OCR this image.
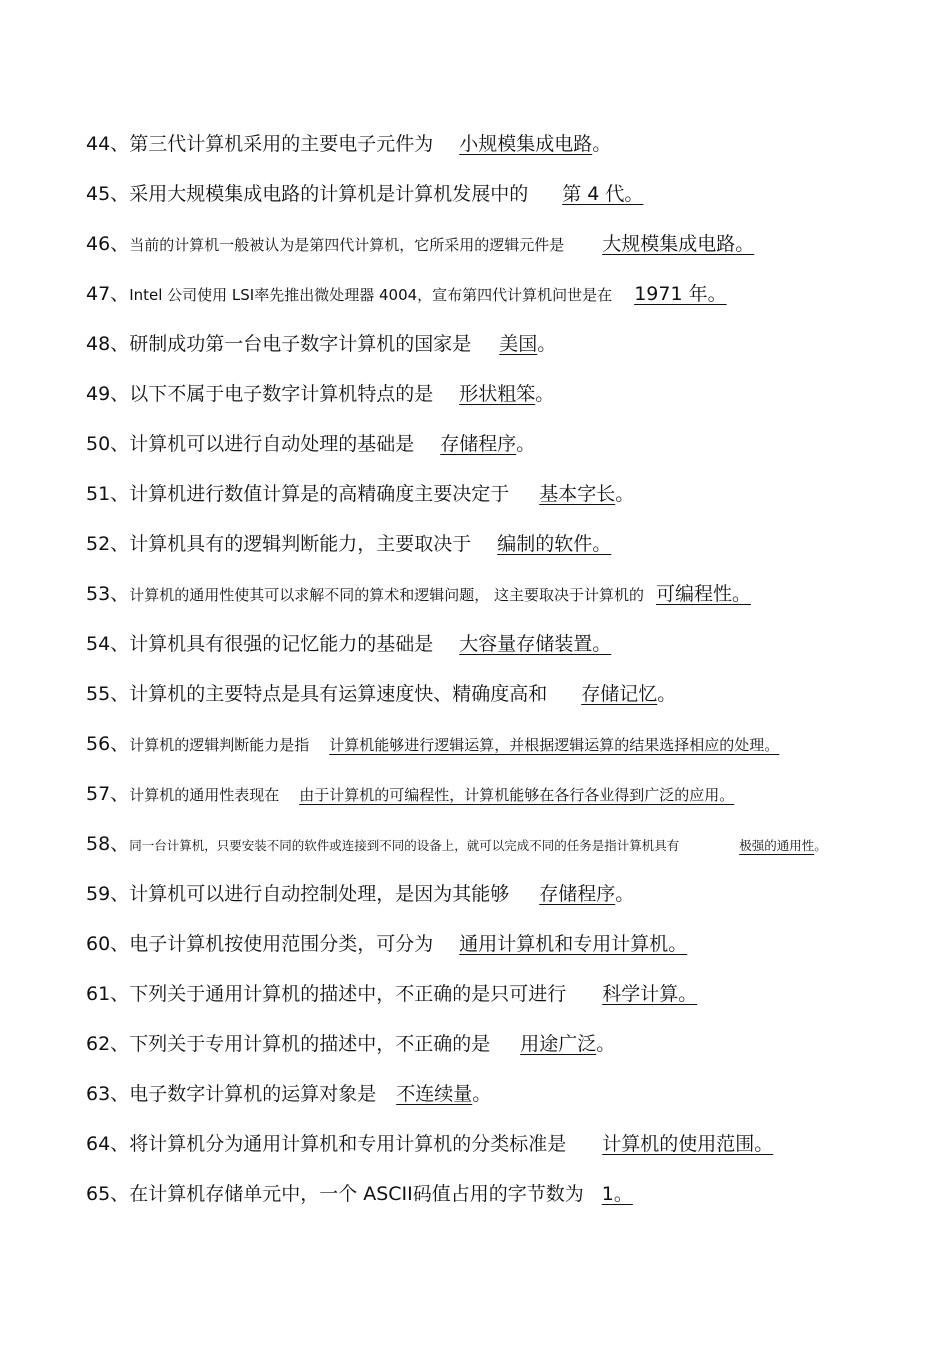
44、第三代计算机采用的主要电子元件为 小规模集成电路。
45、采用大规模集成电路的计算机是计算机发展中的 第 4 代。
46、当前的计算机一般被认为是第四代计算机，它所采用的逻辑元件是 大规模集成电路。
47、Intel 公司使用 LSI率先推出微处理器 4004，宣布第四代计算机问世是在 1971 年。
48、研制成功第一台电子数字计算机的国家是 美国。
49、以下不属于电子数字计算机特点的是 形状粗笨。
50、计算机可以进行自动处理的基础是 存储程序。
51、计算机进行数值计算是的高精确度主要决定于 基本字长。
52、计算机具有的逻辑判断能力，主要取决于 编制的软件。
53、计算机的通用性使其可以求解不同的算术和逻辑问题， 这主要取决于计算机的 可编程性。
54、计算机具有很强的记忆能力的基础是 大容量存储装置。
55、计算机的主要特点是具有运算速度快、精确度高和 存储记忆。
56、计算机的逻辑判断能力是指 计算机能够进行逻辑运算，并根据逻辑运算的结果选择相应的处理。
57、计算机的通用性表现在 由于计算机的可编程性，计算机能够在各行各业得到广泛的应用。
58、同一台计算机，只要安装不同的软件或连接到不同的设备上，就可以完成不同的任务是指计算机具有	极强的通用性。
59、计算机可以进行自动控制处理，是因为其能够 存储程序。
60、电子计算机按使用范围分类，可分为 通用计算机和专用计算机。
61、下列关于通用计算机的描述中，不正确的是只可进行 科学计算。
62、下列关于专用计算机的描述中，不正确的是 用途广泛。
63、电子数字计算机的运算对象是 不连续量。
64、将计算机分为通用计算机和专用计算机的分类标准是 计算机的使用范围。
65、在计算机存储单元中，一个 ASCII码值占用的字节数为 1。
